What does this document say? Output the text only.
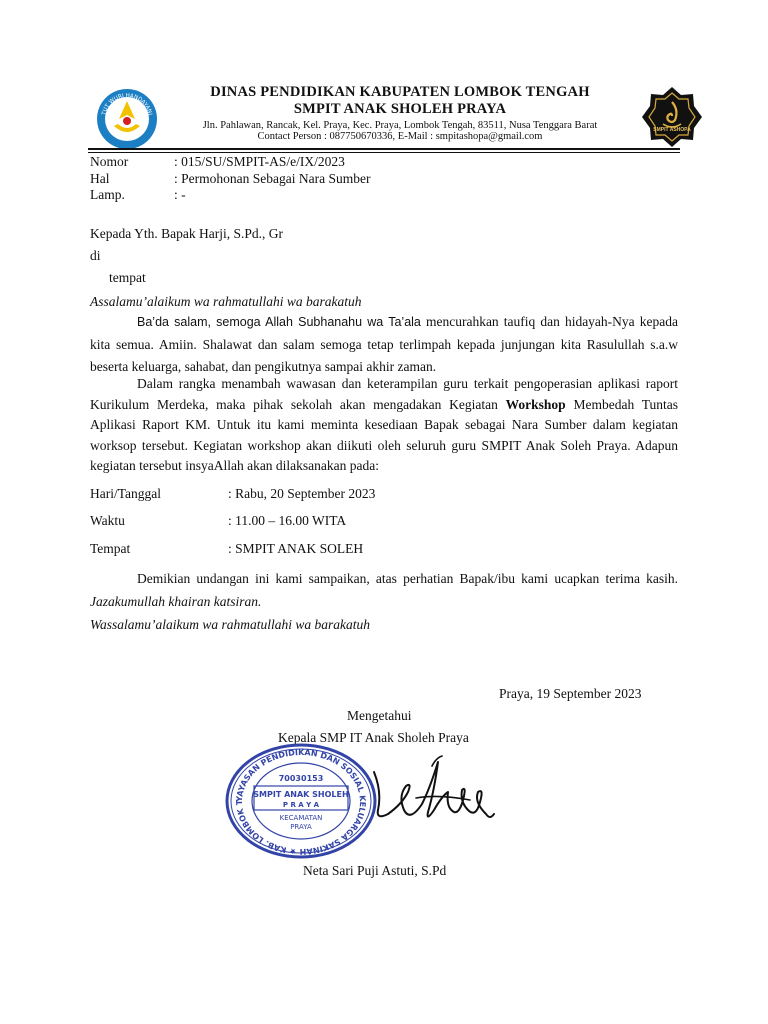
TUT WURI HANDAYANI
SMPIT ASHOPA
DINAS PENDIDIKAN KABUPATEN LOMBOK TENGAH
SMPIT ANAK SHOLEH PRAYA
Jln. Pahlawan, Rancak, Kel. Praya, Kec. Praya, Lombok Tengah, 83511, Nusa Tenggara Barat
Contact Person : 087750670336, E-Mail : smpitashopa@gmail.com
Nomor	: 015/SU/SMPIT-AS/e/IX/2023
Hal	: Permohonan Sebagai Nara Sumber
Lamp.	: -
Kepada Yth. Bapak Harji, S.Pd., Gr
di
tempat
Assalamu’alaikum wa rahmatullahi wa barakatuh
Ba’da salam, semoga Allah Subhanahu wa Ta’ala mencurahkan taufiq dan hidayah-Nya kepada kita semua. Amiin. Shalawat dan salam semoga tetap terlimpah kepada junjungan kita Rasulullah s.a.w beserta keluarga, sahabat, dan pengikutnya sampai akhir zaman.
Dalam rangka menambah wawasan dan keterampilan guru terkait pengoperasian aplikasi raport Kurikulum Merdeka, maka pihak sekolah akan mengadakan Kegiatan Workshop Membedah Tuntas Aplikasi Raport KM. Untuk itu kami meminta kesediaan Bapak sebagai Nara Sumber dalam kegiatan worksop tersebut. Kegiatan workshop akan diikuti oleh seluruh guru SMPIT Anak Soleh Praya. Adapun kegiatan tersebut insyaAllah akan dilaksanakan pada:
Hari/Tanggal	: Rabu, 20 September 2023
Waktu	: 11.00 – 16.00 WITA
Tempat	: SMPIT ANAK SOLEH
Demikian undangan ini kami sampaikan, atas perhatian Bapak/ibu kami ucapkan terima kasih. Jazakumullah khairan katsiran.
Wassalamu’alaikum wa rahmatullahi wa barakatuh
Praya, 19 September 2023
Mengetahui
Kepala SMP IT Anak Sholeh Praya
YAYASAN PENDIDIKAN DAN SOSIAL KELUARGA SAKINAH ★ KAB. LOMBOK T
70030153
SMPIT ANAK SHOLEH
P R A Y A
KECAMATAN
PRAYA
Neta Sari Puji Astuti, S.Pd
